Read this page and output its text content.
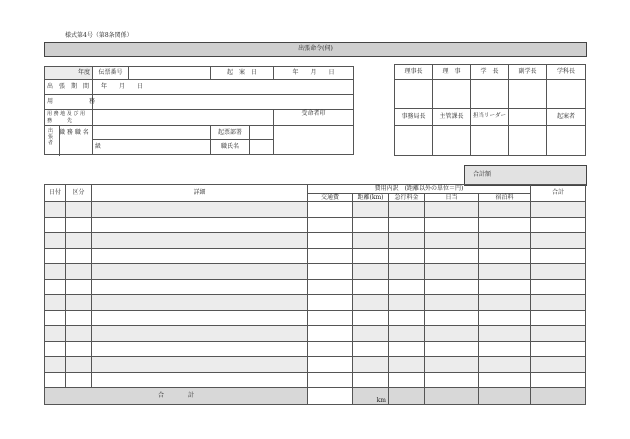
様式第4号（第8条関係）
出張命令(伺)
年度	伝票番号		起　案　日		年　　月　　日
出　張　期　間	年　　月　　日				
用　　　　　　務					
用 務 地 及 び 用　　　務　　　先					受命者印

出 張 者
職 務 職 名			起票部署		
	級		職氏名		
理事長	理　事	学　長	副学長	学科長

事務局長	主管課長	担当リーダー		起案者

合計額
日付	区分	詳細	費用内訳　(距離以外の単位＝円)					合計
			交通費	距離(km)	急行料金	日当	宿泊料	

合　　　　計				km				
